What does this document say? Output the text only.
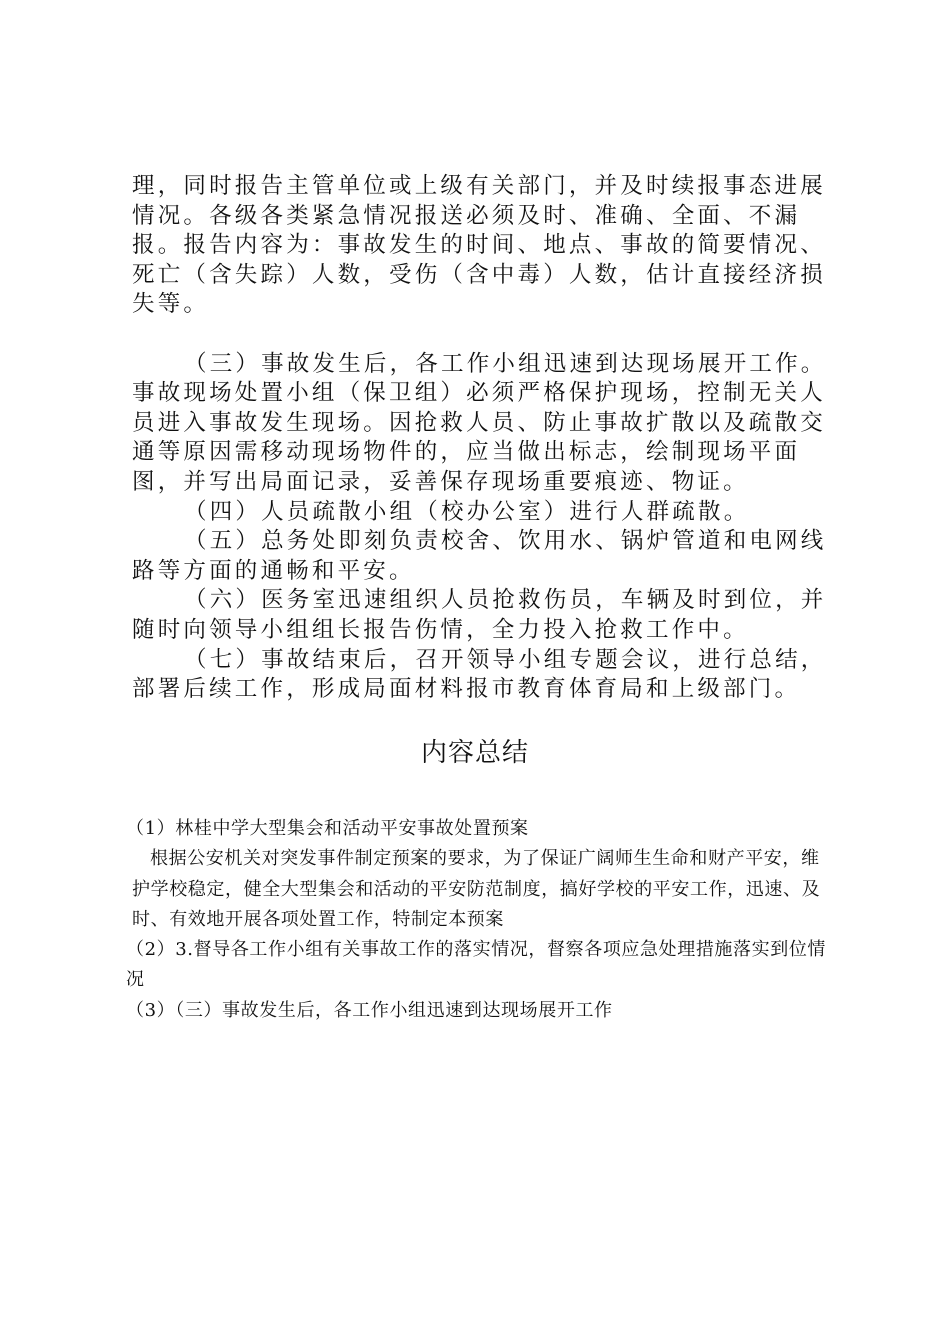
理，同时报告主管单位或上级有关部门，并及时续报事态进展情况。各级各类紧急情况报送必须及时、准确、全面、不漏报。报告内容为：事故发生的时间、地点、事故的简要情况、死亡（含失踪）人数，受伤（含中毒）人数，估计直接经济损失等。

（三）事故发生后，各工作小组迅速到达现场展开工作。事故现场处置小组（保卫组）必须严格保护现场，控制无关人员进入事故发生现场。因抢救人员、防止事故扩散以及疏散交通等原因需移动现场物件的，应当做出标志，绘制现场平面图，并写出局面记录，妥善保存现场重要痕迹、物证。

（四）人员疏散小组（校办公室）进行人群疏散。

（五）总务处即刻负责校舍、饮用水、锅炉管道和电网线路等方面的通畅和平安。

（六）医务室迅速组织人员抢救伤员，车辆及时到位，并随时向领导小组组长报告伤情，全力投入抢救工作中。

（七）事故结束后，召开领导小组专题会议，进行总结，部署后续工作，形成局面材料报市教育体育局和上级部门。

内容总结

（1）林桂中学大型集会和活动平安事故处置预案

根据公安机关对突发事件制定预案的要求，为了保证广阔师生生命和财产平安，维护学校稳定，健全大型集会和活动的平安防范制度，搞好学校的平安工作，迅速、及时、有效地开展各项处置工作，特制定本预案

（2）3.督导各工作小组有关事故工作的落实情况，督察各项应急处理措施落实到位情况

（3）（三）事故发生后，各工作小组迅速到达现场展开工作
